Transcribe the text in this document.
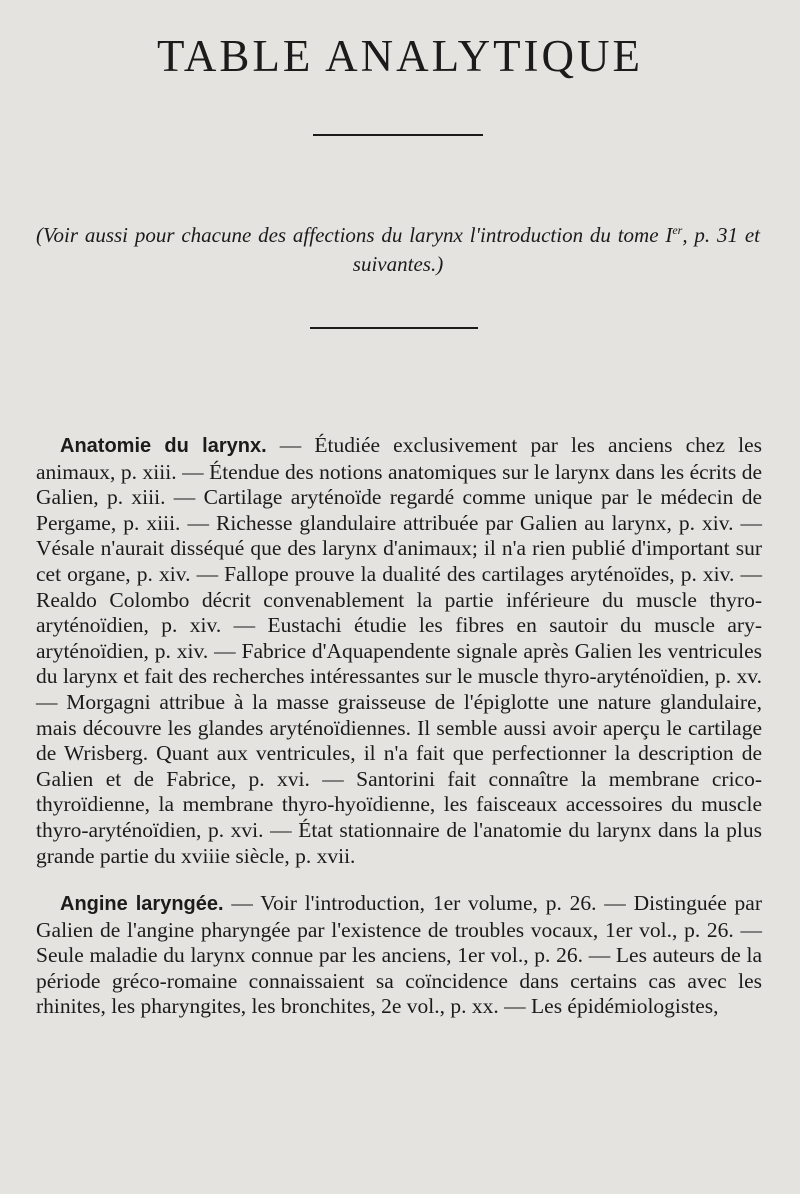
TABLE ANALYTIQUE

(Voir aussi pour chacune des affections du larynx l'introduction du tome Ier, p. 31 et suivantes.)

Anatomie du larynx. — Étudiée exclusivement par les anciens chez les animaux, p. xiii. — Étendue des notions anatomiques sur le larynx dans les écrits de Galien, p. xiii. — Cartilage aryténoïde regardé comme unique par le médecin de Pergame, p. xiii. — Richesse glandulaire attribuée par Galien au larynx, p. xiv. — Vésale n'aurait disséqué que des larynx d'animaux; il n'a rien publié d'important sur cet organe, p. xiv. — Fallope prouve la dualité des cartilages aryténoïdes, p. xiv. — Realdo Colombo décrit convenablement la partie inférieure du muscle thyro-aryténoïdien, p. xiv. — Eustachi étudie les fibres en sautoir du muscle ary-aryténoïdien, p. xiv. — Fabrice d'Aquapendente signale après Galien les ventricules du larynx et fait des recherches intéressantes sur le muscle thyro-aryténoïdien, p. xv. — Morgagni attribue à la masse graisseuse de l'épiglotte une nature glandulaire, mais découvre les glandes aryténoïdiennes. Il semble aussi avoir aperçu le cartilage de Wrisberg. Quant aux ventricules, il n'a fait que perfectionner la description de Galien et de Fabrice, p. xvi. — Santorini fait connaître la membrane crico-thyroïdienne, la membrane thyro-hyoïdienne, les faisceaux accessoires du muscle thyro-aryténoïdien, p. xvi. — État stationnaire de l'anatomie du larynx dans la plus grande partie du xviiie siècle, p. xvii.

Angine laryngée. — Voir l'introduction, 1er volume, p. 26. — Distinguée par Galien de l'angine pharyngée par l'existence de troubles vocaux, 1er vol., p. 26. — Seule maladie du larynx connue par les anciens, 1er vol., p. 26. — Les auteurs de la période gréco-romaine connaissaient sa coïncidence dans certains cas avec les rhinites, les pharyngites, les bronchites, 2e vol., p. xx. — Les épidémiologistes,
